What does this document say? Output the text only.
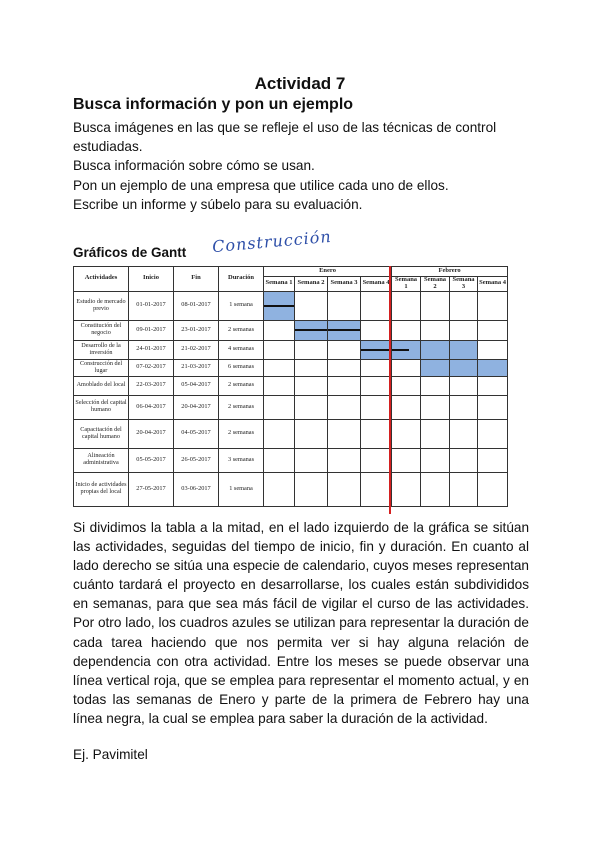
Actividad 7
Busca información y pon un ejemplo

Busca imágenes en las que se refleje el uso de las técnicas de control estudiadas.

Busca información sobre cómo se usan.

Pon un ejemplo de una empresa que utilice cada uno de ellos.

Escribe un informe y súbelo para su evaluación.

Gráficos de Gantt Construcción
Actividades	Inicio	Fin	Duración	Enero				Febrero			
				Semana 1	Semana 2	Semana 3	Semana 4	Semana 1	Semana 2	Semana 3	Semana 4
Estudio de mercado previo	01-01-2017	08-01-2017	1 semana	

Constitución del negocio	09-01-2017	23-01-2017	2 semanas		

Desarrollo de la inversión	24-01-2017	21-02-2017	4 semanas				

Construcción del lugar	07-02-2017	21-03-2017	6 semanas								
Amoblado del local	22-03-2017	05-04-2017	2 semanas								
Selección del capital humano	06-04-2017	20-04-2017	2 semanas								
Capacitación del capital humano	20-04-2017	04-05-2017	2 semanas								
Alineación administrativa	05-05-2017	26-05-2017	3 semanas								
Inicio de actividades propias del local	27-05-2017	03-06-2017	1 semana								
Si dividimos la tabla a la mitad, en el lado izquierdo de la gráfica se sitúan las actividades, seguidas del tiempo de inicio, fin y duración. En cuanto al lado derecho se sitúa una especie de calendario, cuyos meses representan cuánto tardará el proyecto en desarrollarse, los cuales están subdivididos en semanas, para que sea más fácil de vigilar el curso de las actividades. Por otro lado, los cuadros azules se utilizan para representar la duración de cada tarea haciendo que nos permita ver si hay alguna relación de dependencia con otra actividad. Entre los meses se puede observar una línea vertical roja, que se emplea para representar el momento actual, y en todas las semanas de Enero y parte de la primera de Febrero hay una línea negra, la cual se emplea para saber la duración de la actividad.
Ej. Pavimitel
